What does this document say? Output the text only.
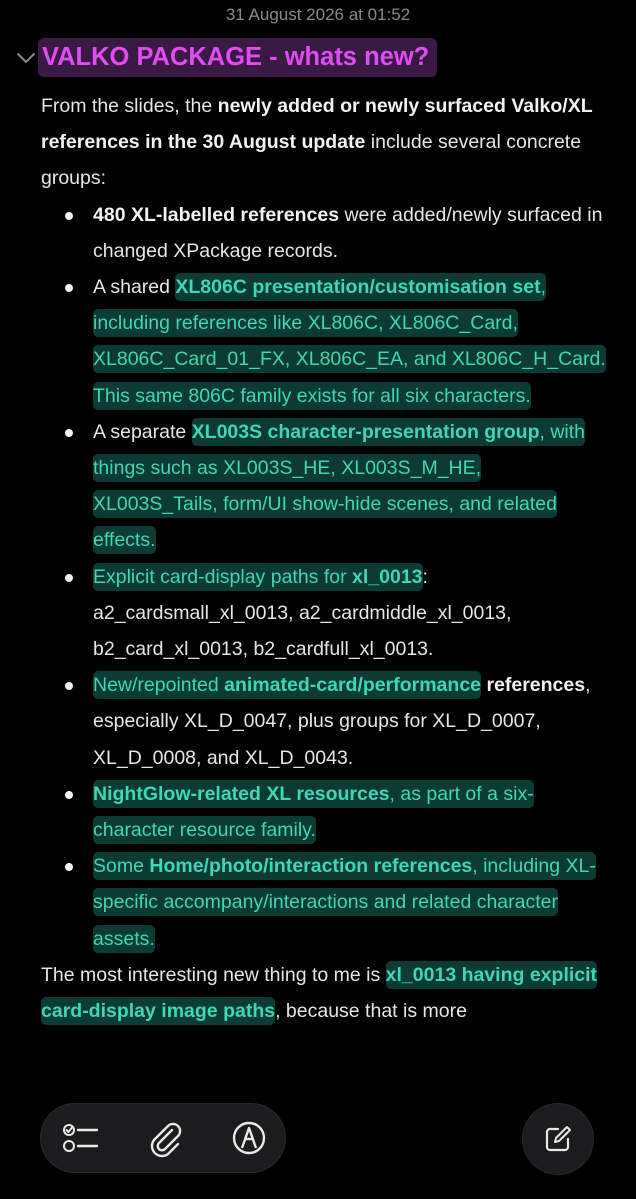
31 August 2026 at 01:52
VALKO PACKAGE - whats new?

From the slides, the newly added or newly surfaced Valko/XL references in the 30 August update include several concrete groups:

480 XL-labelled references were added/newly surfaced in changed XPackage records.
A shared XL806C presentation/customisation set, including references like XL806C, XL806C_Card, XL806C_Card_01_FX, XL806C_EA, and XL806C_H_Card. This same 806C family exists for all six characters.
A separate XL003S character-presentation group, with things such as XL003S_HE, XL003S_M_HE, XL003S_Tails, form/UI show-hide scenes, and related effects.
Explicit card-display paths for xl_0013: a2_cardsmall_xl_0013, a2_cardmiddle_xl_0013, b2_card_xl_0013, b2_cardfull_xl_0013.
New/repointed animated-card/performance references, especially XL_D_0047, plus groups for XL_D_0007, XL_D_0008, and XL_D_0043.
NightGlow-related XL resources, as part of a six-character resource family.
Some Home/photo/interaction references, including XL-specific accompany/interactions and related character assets.

The most interesting new thing to me is xl_0013 having explicit card-display image paths, because that is more
